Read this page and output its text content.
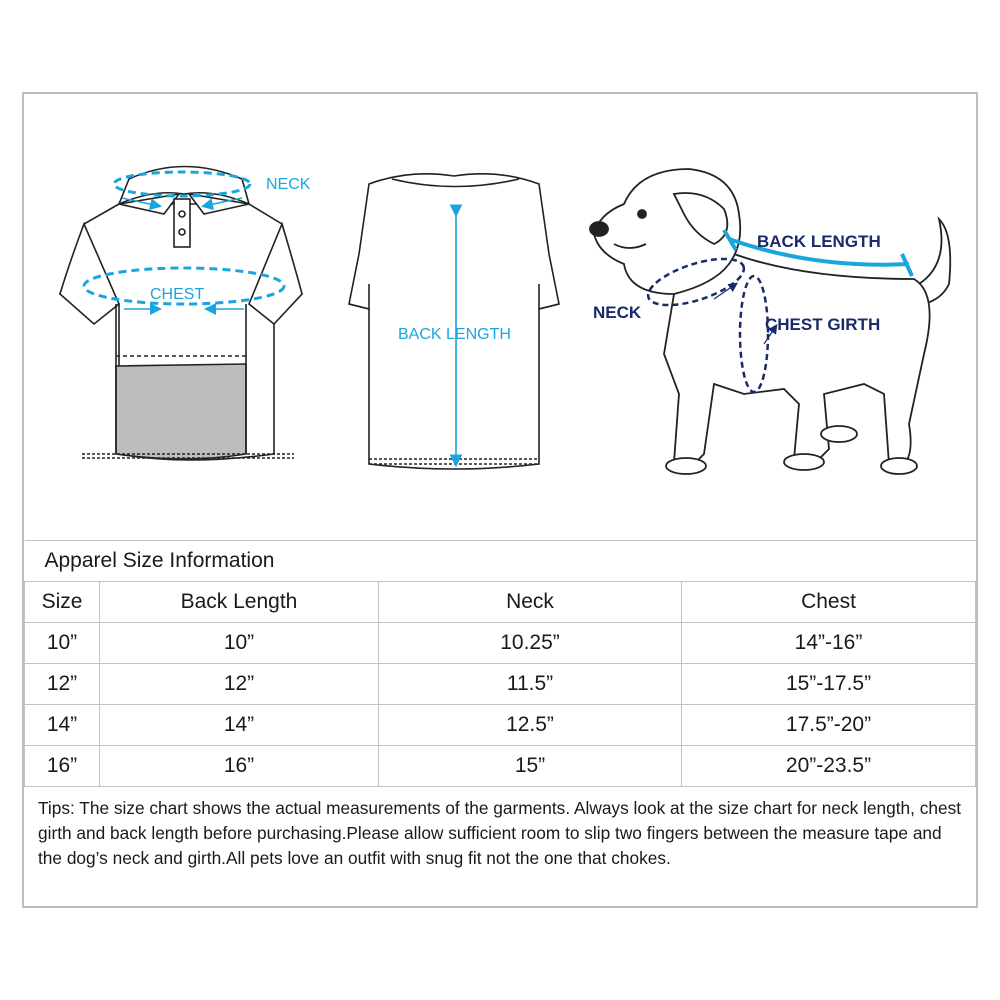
NECK
CHEST
BACK LENGTH
BACK LENGTH
NECK
CHEST GIRTH
Apparel Size Information			
Size	Back Length	Neck	Chest
10”	10”	10.25”	14”-16”
12”	12”	11.5”	15”-17.5”
14”	14”	12.5”	17.5”-20”
16”	16”	15”	20”-23.5”
Tips: The size chart shows the actual measurements of the garments. Always look at the size chart for neck length, chest girth and back length before purchasing.Please allow sufficient room to slip two fingers between the measure tape and the dog’s neck and girth.All pets love an outfit with snug fit not the one that chokes.
